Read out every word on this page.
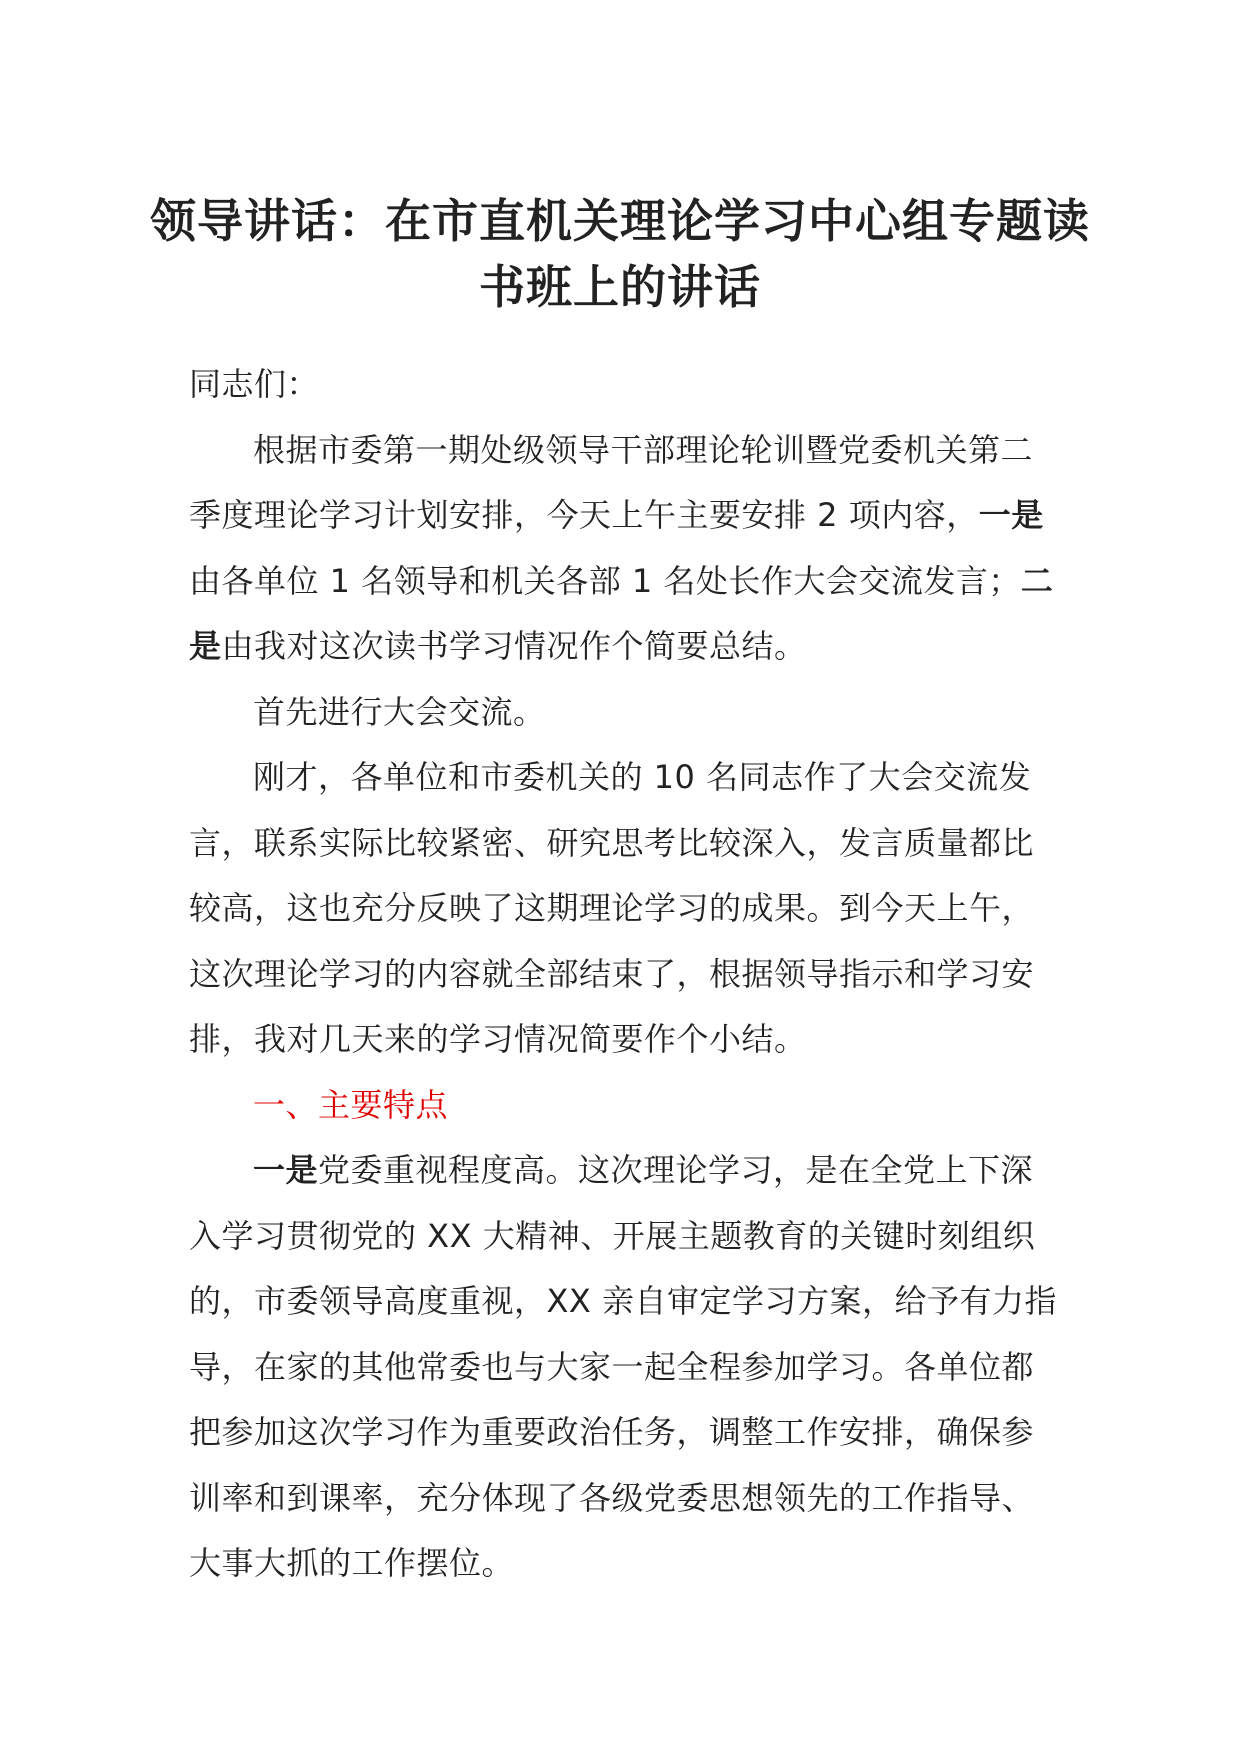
领导讲话：在市直机关理论学习中心组专题读书班上的讲话

同志们：

根据市委第一期处级领导干部理论轮训暨党委机关第二季度理论学习计划安排，今天上午主要安排 2 项内容，一是由各单位 1 名领导和机关各部 1 名处长作大会交流发言；二是由我对这次读书学习情况作个简要总结。

首先进行大会交流。

刚才，各单位和市委机关的 10 名同志作了大会交流发言，联系实际比较紧密、研究思考比较深入，发言质量都比较高，这也充分反映了这期理论学习的成果。到今天上午，这次理论学习的内容就全部结束了，根据领导指示和学习安排，我对几天来的学习情况简要作个小结。

一、主要特点

一是党委重视程度高。这次理论学习，是在全党上下深入学习贯彻党的 XX 大精神、开展主题教育的关键时刻组织的，市委领导高度重视，XX 亲自审定学习方案，给予有力指导，在家的其他常委也与大家一起全程参加学习。各单位都把参加这次学习作为重要政治任务，调整工作安排，确保参训率和到课率，充分体现了各级党委思想领先的工作指导、大事大抓的工作摆位。
